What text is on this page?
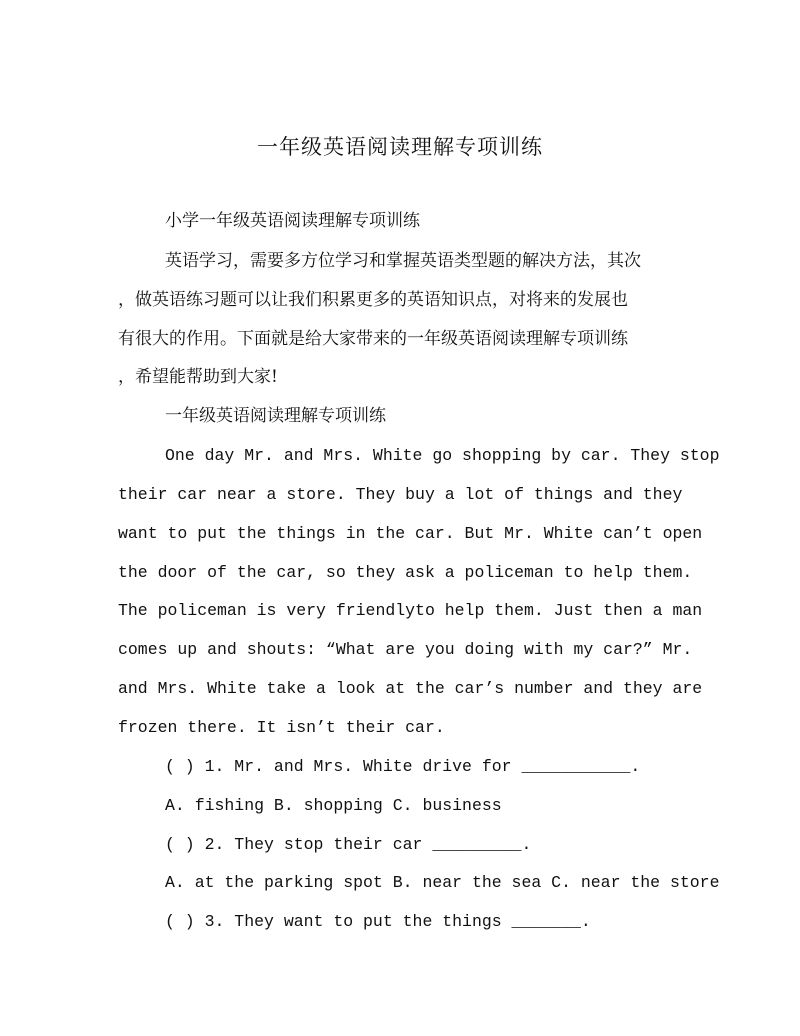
一年级英语阅读理解专项训练
小学一年级英语阅读理解专项训练
英语学习，需要多方位学习和掌握英语类型题的解决方法，其次
，做英语练习题可以让我们积累更多的英语知识点，对将来的发展也
有很大的作用。下面就是给大家带来的一年级英语阅读理解专项训练
，希望能帮助到大家!
一年级英语阅读理解专项训练
One day Mr. and Mrs. White go shopping by car. They stop
their car near a store. They buy a lot of things and they
want to put the things in the car. But Mr. White can’t open
the door of the car, so they ask a policeman to help them.
The policeman is very friendlyto help them. Just then a man
comes up and shouts: “What are you doing with my car?” Mr.
and Mrs. White take a look at the car’s number and they are
frozen there. It isn’t their car.
( ) 1. Mr. and Mrs. White drive for ___________.
A. fishing B. shopping C. business
( ) 2. They stop their car _________.
A. at the parking spot B. near the sea C. near the store
( ) 3. They want to put the things _______.
